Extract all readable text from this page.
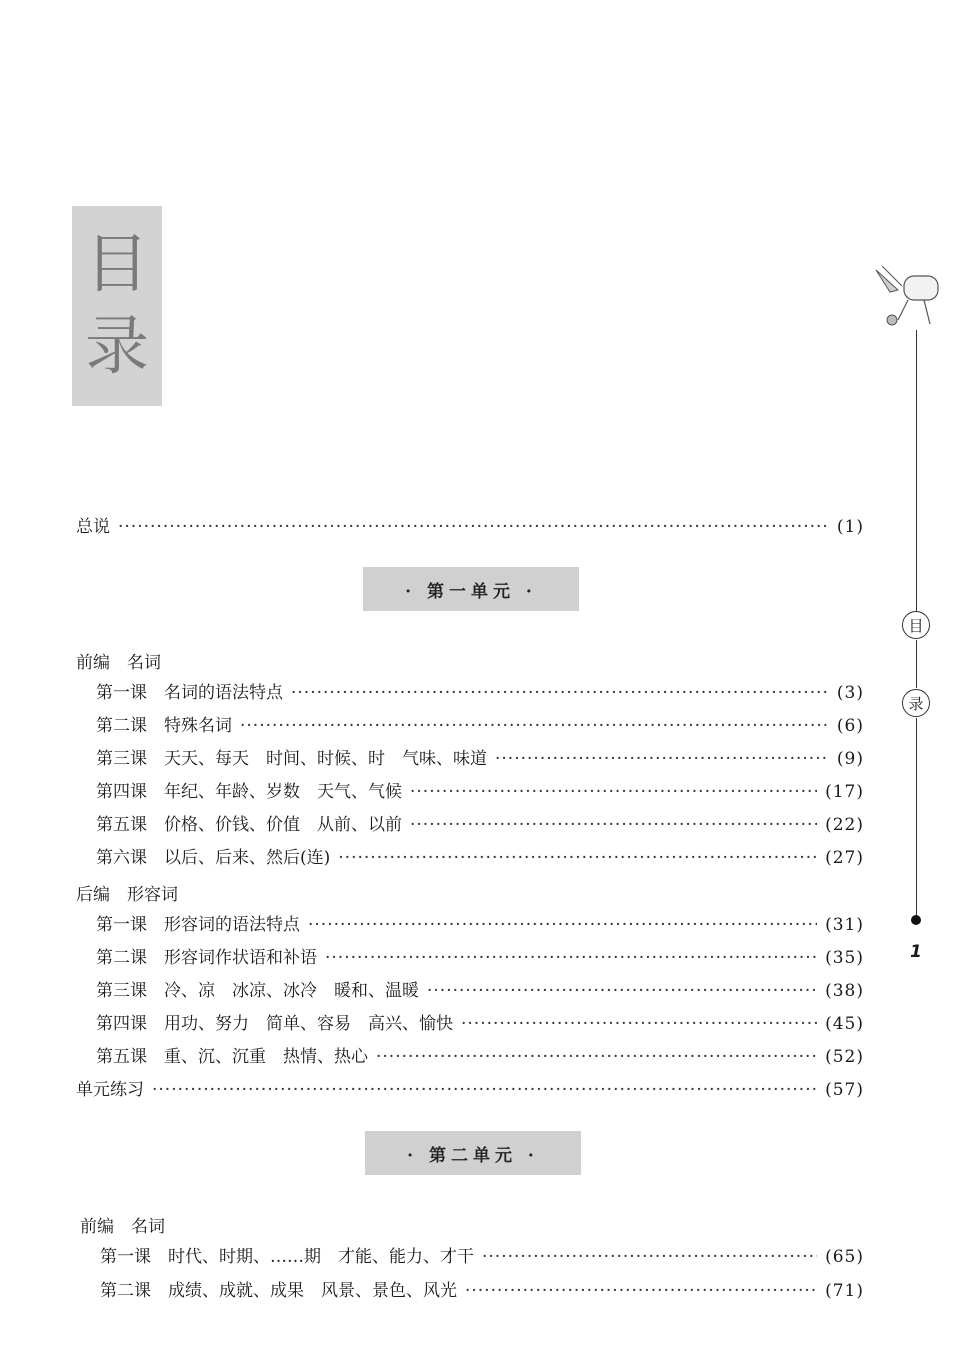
目
录
目
录
1
总说 ·····	(1)
· 第一单元 ·
前编　名词
第一课　名词的语法特点 ·····	(3)
第二课　特殊名词 ·····	(6)
第三课　天天、每天　时间、时候、时　气味、味道 ·····	(9)
第四课　年纪、年龄、岁数　天气、气候 ·····	(17)
第五课　价格、价钱、价值　从前、以前 ·····	(22)
第六课　以后、后来、然后(连) ·····	(27)
后编　形容词
第一课　形容词的语法特点 ·····	(31)
第二课　形容词作状语和补语 ·····	(35)
第三课　冷、凉　冰凉、冰冷　暖和、温暖 ·····	(38)
第四课　用功、努力　简单、容易　高兴、愉快 ·····	(45)
第五课　重、沉、沉重　热情、热心 ·····	(52)
单元练习 ·····	(57)
· 第二单元 ·
前编　名词
第一课　时代、时期、……期　才能、能力、才干 ·····	(65)
第二课　成绩、成就、成果　风景、景色、风光 ·····	(71)
